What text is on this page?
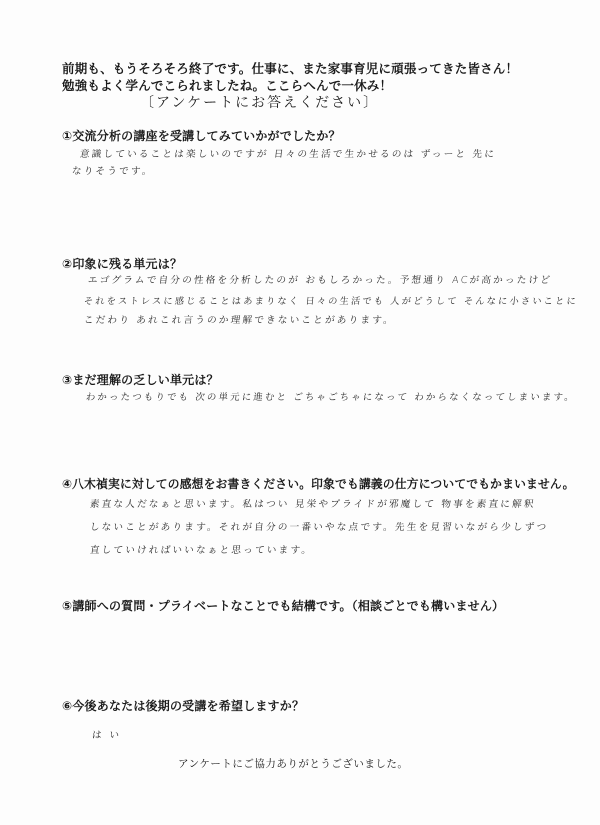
前期も、もうそろそろ終了です。仕事に、また家事育児に頑張ってきた皆さん！
勉強もよく学んでこられましたね。ここらへんで一休み！
〔アンケートにお答えください〕
①交流分析の講座を受講してみていかがでしたか？
意識していることは楽しいのですが 日々の生活で生かせるのは ずっーと 先に
なりそうです。
②印象に残る単元は？
エゴグラムで自分の性格を分析したのが おもしろかった。予想通り ACが高かったけど
それをストレスに感じることはあまりなく 日々の生活でも 人がどうして そんなに小さいことに
こだわり あれこれ言うのか理解できないことがあります。
③まだ理解の乏しい単元は？
わかったつもりでも 次の単元に進むと ごちゃごちゃになって わからなくなってしまいます。
④八木禎実に対しての感想をお書きください。印象でも講義の仕方についてでもかまいません。
素直な人だなぁと思います。私はつい 見栄やプライドが邪魔して 物事を素直に解釈
しないことがあります。それが自分の一番いやな点です。先生を見習いながら少しずつ
直していければいいなぁと思っています。
⑤講師への質問・プライベートなことでも結構です。（相談ごとでも構いません）
⑥今後あなたは後期の受講を希望しますか？
はい
アンケートにご協力ありがとうございました。
